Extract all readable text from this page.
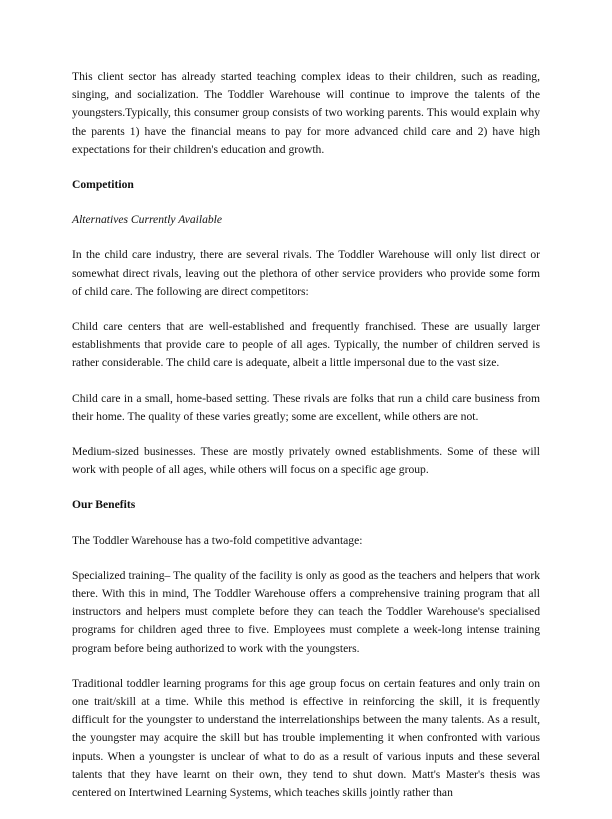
This client sector has already started teaching complex ideas to their children, such as reading, singing, and socialization. The Toddler Warehouse will continue to improve the talents of the youngsters.Typically, this consumer group consists of two working parents. This would explain why the parents 1) have the financial means to pay for more advanced child care and 2) have high expectations for their children's education and growth.

Competition

Alternatives Currently Available

In the child care industry, there are several rivals. The Toddler Warehouse will only list direct or somewhat direct rivals, leaving out the plethora of other service providers who provide some form of child care. The following are direct competitors:

Child care centers that are well-established and frequently franchised. These are usually larger establishments that provide care to people of all ages. Typically, the number of children served is rather considerable. The child care is adequate, albeit a little impersonal due to the vast size.

Child care in a small, home-based setting. These rivals are folks that run a child care business from their home. The quality of these varies greatly; some are excellent, while others are not.

Medium-sized businesses. These are mostly privately owned establishments. Some of these will work with people of all ages, while others will focus on a specific age group.

Our Benefits

The Toddler Warehouse has a two-fold competitive advantage:

Specialized training– The quality of the facility is only as good as the teachers and helpers that work there. With this in mind, The Toddler Warehouse offers a comprehensive training program that all instructors and helpers must complete before they can teach the Toddler Warehouse's specialised programs for children aged three to five. Employees must complete a week-long intense training program before being authorized to work with the youngsters.

Traditional toddler learning programs for this age group focus on certain features and only train on one trait/skill at a time. While this method is effective in reinforcing the skill, it is frequently difficult for the youngster to understand the interrelationships between the many talents. As a result, the youngster may acquire the skill but has trouble implementing it when confronted with various inputs. When a youngster is unclear of what to do as a result of various inputs and these several talents that they have learnt on their own, they tend to shut down. Matt's Master's thesis was centered on Intertwined Learning Systems, which teaches skills jointly rather than
